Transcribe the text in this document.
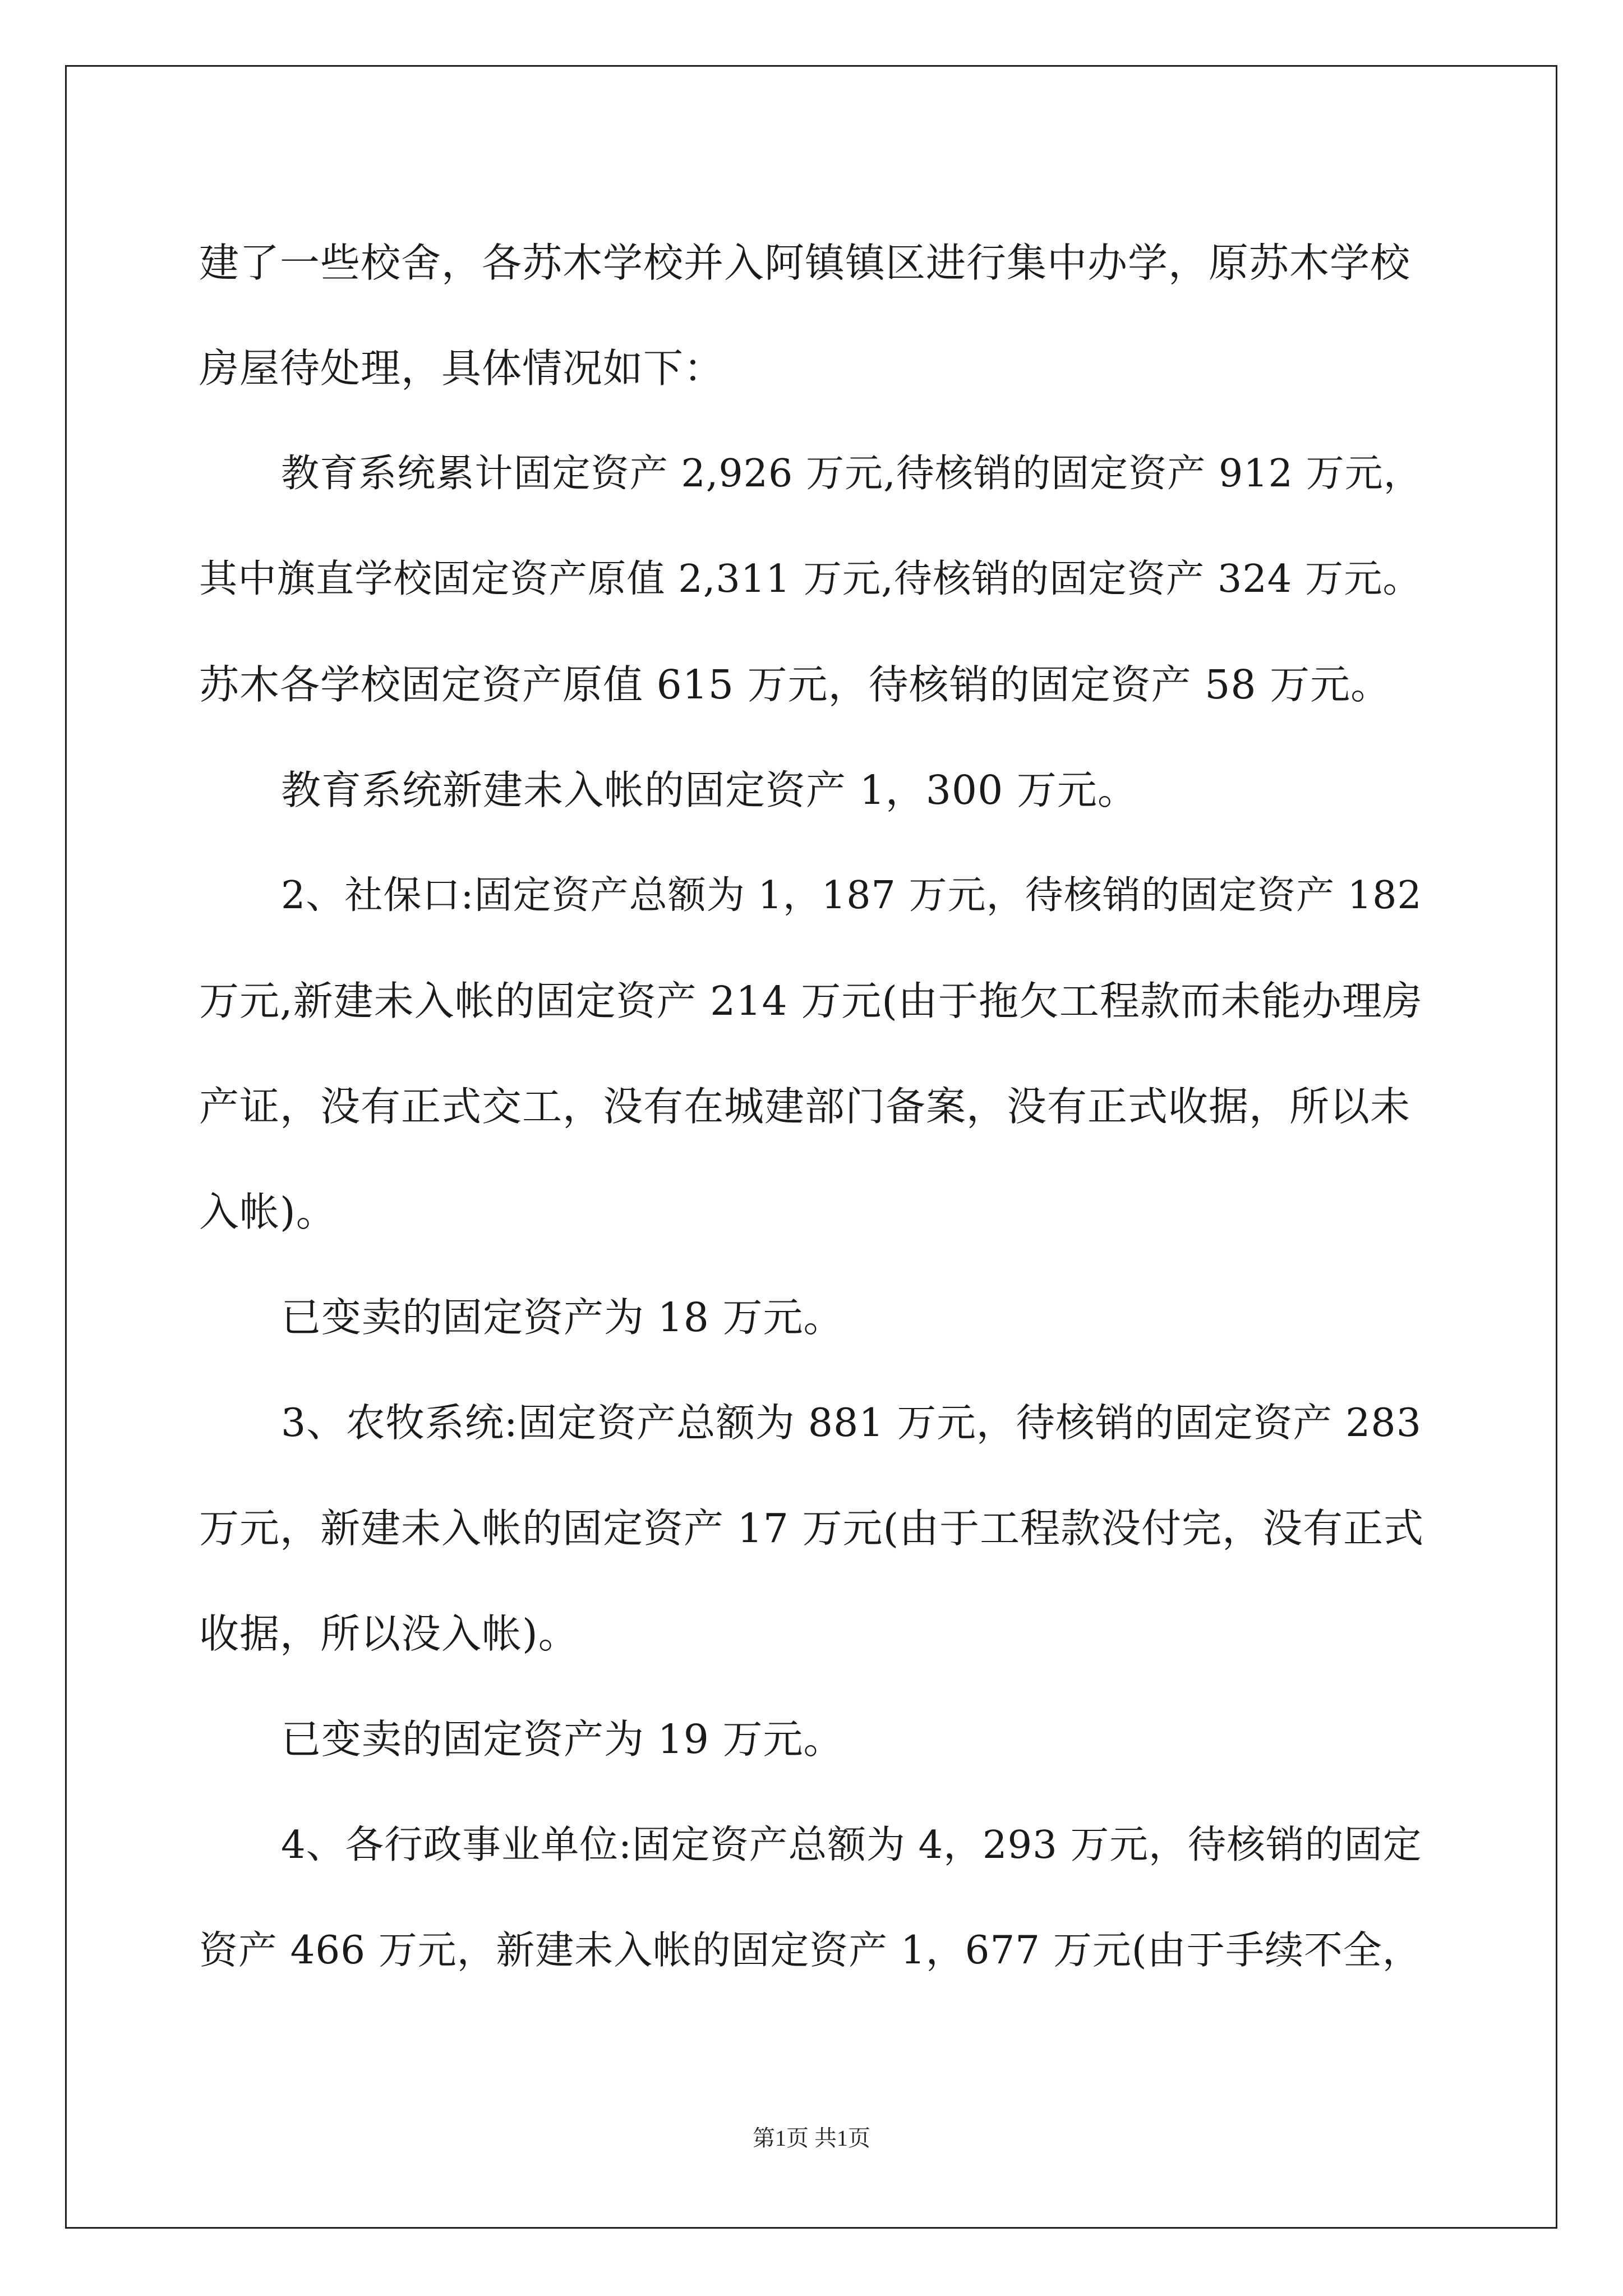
建了一些校舍，各苏木学校并入阿镇镇区进行集中办学，原苏木学校
房屋待处理，具体情况如下：
教育系统累计固定资产 2,926 万元,待核销的固定资产 912 万元，
其中旗直学校固定资产原值 2,311 万元,待核销的固定资产 324 万元。
苏木各学校固定资产原值 615 万元，待核销的固定资产 58 万元。
教育系统新建未入帐的固定资产 1，300 万元。
2、社保口:固定资产总额为 1，187 万元，待核销的固定资产 182
万元,新建未入帐的固定资产 214 万元(由于拖欠工程款而未能办理房
产证，没有正式交工，没有在城建部门备案，没有正式收据，所以未
入帐)。
已变卖的固定资产为 18 万元。
3、农牧系统:固定资产总额为 881 万元，待核销的固定资产 283
万元，新建未入帐的固定资产 17 万元(由于工程款没付完，没有正式
收据，所以没入帐)。
已变卖的固定资产为 19 万元。
4、各行政事业单位:固定资产总额为 4，293 万元，待核销的固定
资产 466 万元，新建未入帐的固定资产 1，677 万元(由于手续不全，
第1页 共1页
